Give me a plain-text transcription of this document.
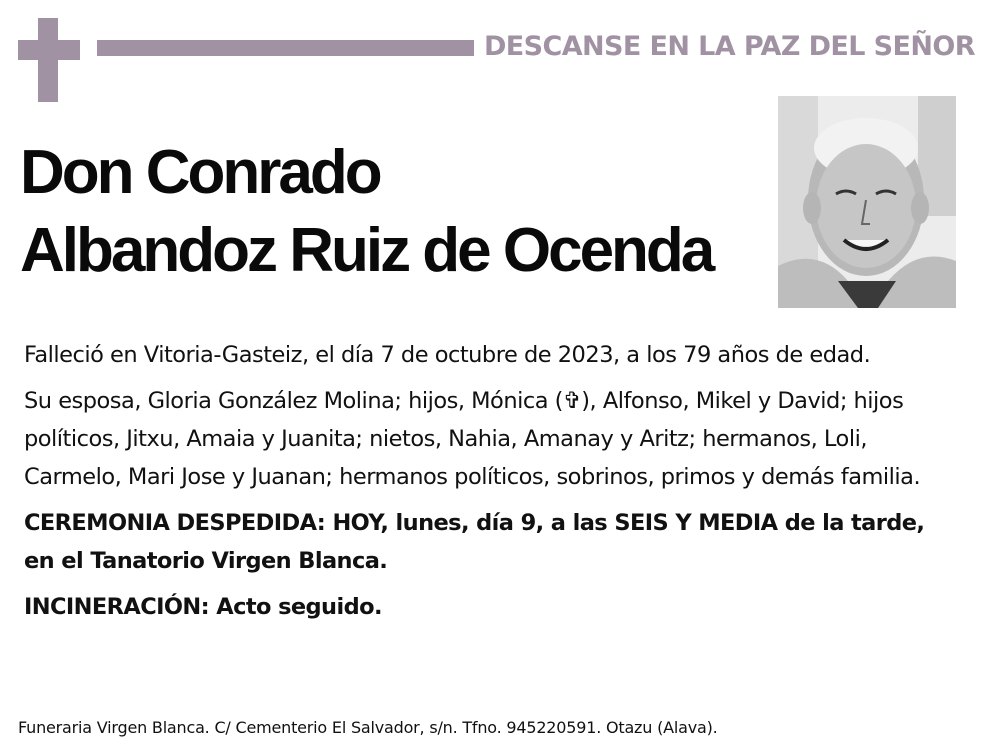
DESCANSE EN LA PAZ DEL SEÑOR
Don Conrado
Albandoz Ruiz de Ocenda

Falleció en Vitoria-Gasteiz, el día 7 de octubre de 2023, a los 79 años de edad.

Su esposa, Gloria González Molina; hijos, Mónica (✞), Alfonso, Mikel y David; hijos políticos, Jitxu, Amaia y Juanita; nietos, Nahia, Amanay y Aritz; hermanos, Loli, Carmelo, Mari Jose y Juanan; hermanos políticos, sobrinos, primos y demás familia.

CEREMONIA DESPEDIDA: HOY, lunes, día 9, a las SEIS Y MEDIA de la tarde, en el Tanatorio Virgen Blanca.

INCINERACIÓN: Acto seguido.

Funeraria Virgen Blanca. C/ Cementerio El Salvador, s/n. Tfno. 945220591. Otazu (Alava).
